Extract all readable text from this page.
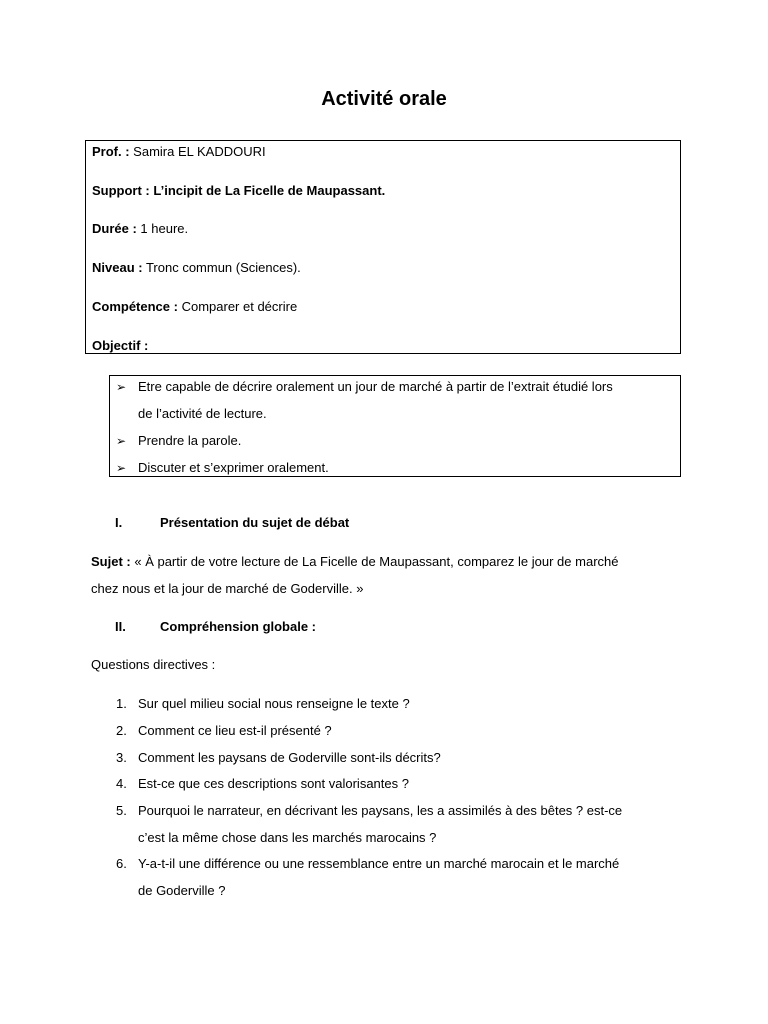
Activité orale
Prof. : Samira EL KADDOURI
Support : L’incipit de La Ficelle de Maupassant.
Durée : 1 heure.
Niveau : Tronc commun (Sciences).
Compétence : Comparer et décrire
Objectif :
➢ Etre capable de décrire oralement un jour de marché à partir de l’extrait étudié lors
de l’activité de lecture.
➢ Prendre la parole.
➢ Discuter et s’exprimer oralement.
I.	Présentation du sujet de débat
Sujet : « À partir de votre lecture de La Ficelle de Maupassant, comparez le jour de marché
chez nous et la jour de marché de Goderville. »
II.	Compréhension globale :
Questions directives :
1. Sur quel milieu social nous renseigne le texte ?
2. Comment ce lieu est-il présenté ?
3. Comment les paysans de Goderville sont-ils décrits?
4. Est-ce que ces descriptions sont valorisantes ?
5. Pourquoi le narrateur, en décrivant les paysans, les a assimilés à des bêtes ? est-ce
c’est la même chose dans les marchés marocains ?
6. Y-a-t-il une différence ou une ressemblance entre un marché marocain et le marché
de Goderville ?
